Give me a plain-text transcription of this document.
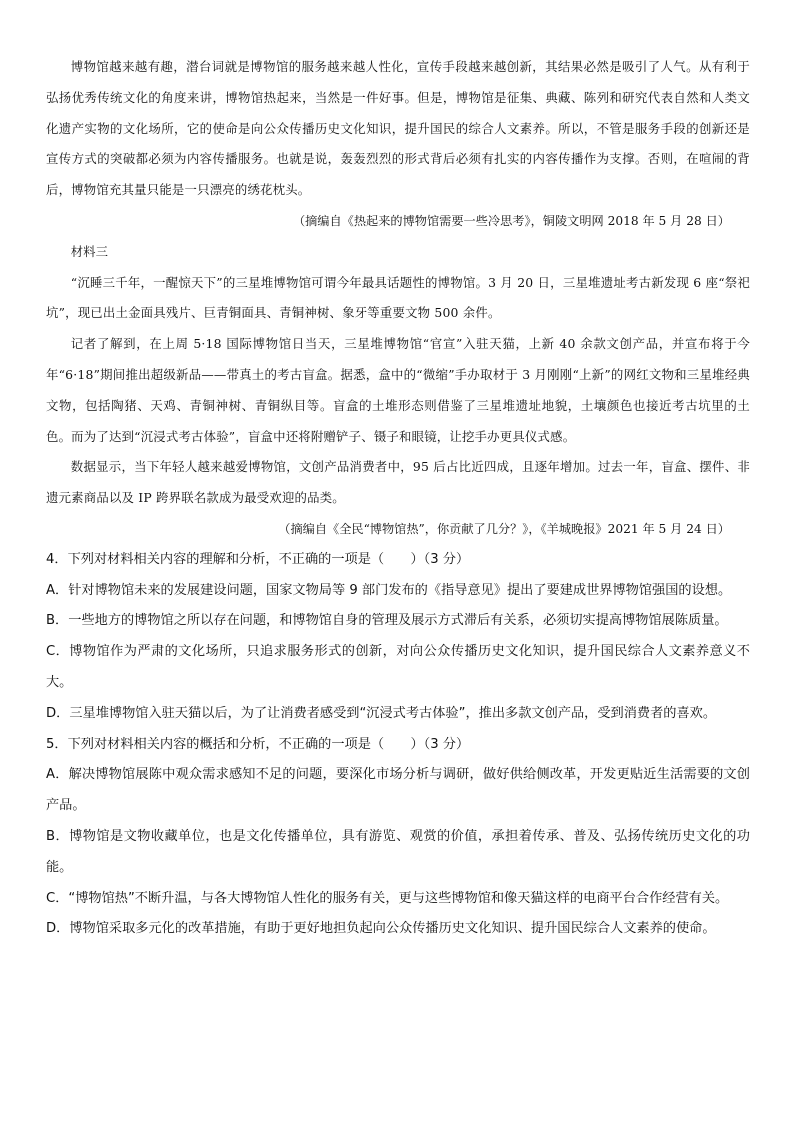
博物馆越来越有趣，潜台词就是博物馆的服务越来越人性化，宣传手段越来越创新，其结果必然是吸引了人气。从有利于弘扬优秀传统文化的角度来讲，博物馆热起来，当然是一件好事。但是，博物馆是征集、典藏、陈列和研究代表自然和人类文化遗产实物的文化场所，它的使命是向公众传播历史文化知识，提升国民的综合人文素养。所以，不管是服务手段的创新还是宣传方式的突破都必须为内容传播服务。也就是说，轰轰烈烈的形式背后必须有扎实的内容传播作为支撑。否则，在喧闹的背后，博物馆充其量只能是一只漂亮的绣花枕头。

（摘编自《热起来的博物馆需要一些冷思考》，铜陵文明网 2018 年 5 月 28 日）

材料三

“沉睡三千年，一醒惊天下”的三星堆博物馆可谓今年最具话题性的博物馆。3 月 20 日，三星堆遗址考古新发现 6 座“祭祀坑”，现已出土金面具残片、巨青铜面具、青铜神树、象牙等重要文物 500 余件。

记者了解到，在上周 5·18 国际博物馆日当天，三星堆博物馆“官宣”入驻天猫，上新 40 余款文创产品，并宣布将于今年“6·18”期间推出超级新品——带真土的考古盲盒。据悉，盒中的“微缩”手办取材于 3 月刚刚“上新”的网红文物和三星堆经典文物，包括陶猪、天鸡、青铜神树、青铜纵目等。盲盒的土堆形态则借鉴了三星堆遗址地貌，土壤颜色也接近考古坑里的土色。而为了达到“沉浸式考古体验”，盲盒中还将附赠铲子、镊子和眼镜，让挖手办更具仪式感。

数据显示，当下年轻人越来越爱博物馆，文创产品消费者中，95 后占比近四成，且逐年增加。过去一年，盲盒、摆件、非遗元素商品以及 IP 跨界联名款成为最受欢迎的品类。

（摘编自《全民“博物馆热”，你贡献了几分？》，《羊城晚报》2021 年 5 月 24 日）

4．下列对材料相关内容的理解和分析，不正确的一项是（　　）（3 分）

A．针对博物馆未来的发展建设问题，国家文物局等 9 部门发布的《指导意见》提出了要建成世界博物馆强国的设想。

B．一些地方的博物馆之所以存在问题，和博物馆自身的管理及展示方式滞后有关系，必须切实提高博物馆展陈质量。

C．博物馆作为严肃的文化场所，只追求服务形式的创新，对向公众传播历史文化知识，提升国民综合人文素养意义不大。

D．三星堆博物馆入驻天猫以后，为了让消费者感受到“沉浸式考古体验”，推出多款文创产品，受到消费者的喜欢。

5．下列对材料相关内容的概括和分析，不正确的一项是（　　）（3 分）

A．解决博物馆展陈中观众需求感知不足的问题，要深化市场分析与调研，做好供给侧改革，开发更贴近生活需要的文创产品。

B．博物馆是文物收藏单位，也是文化传播单位，具有游览、观赏的价值，承担着传承、普及、弘扬传统历史文化的功能。

C．“博物馆热”不断升温，与各大博物馆人性化的服务有关，更与这些博物馆和像天猫这样的电商平台合作经营有关。

D．博物馆采取多元化的改革措施，有助于更好地担负起向公众传播历史文化知识、提升国民综合人文素养的使命。
